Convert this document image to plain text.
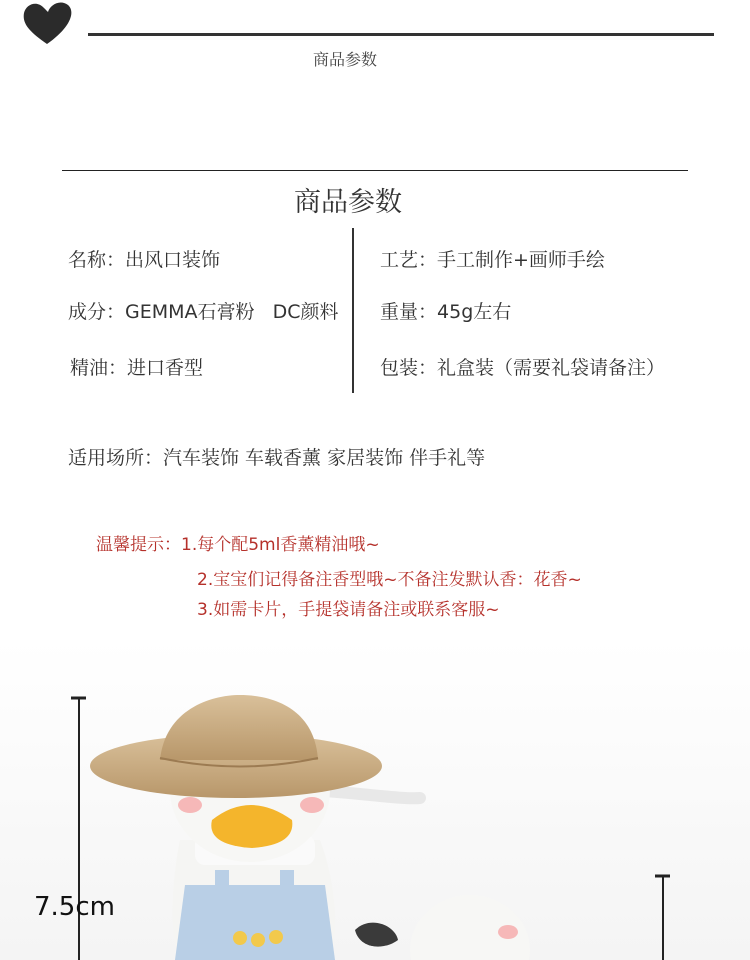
商品参数
商品参数
名称：出风口装饰
成分：GEMMA石膏粉   DC颜料
精油：进口香型
工艺：手工制作+画师手绘
重量：45g左右
包装：礼盒装（需要礼袋请备注）
适用场所：汽车装饰 车载香薰 家居装饰 伴手礼等
温馨提示：1.每个配5ml香薰精油哦~
2.宝宝们记得备注香型哦~不备注发默认香：花香~
3.如需卡片，手提袋请备注或联系客服~
7.5cm
